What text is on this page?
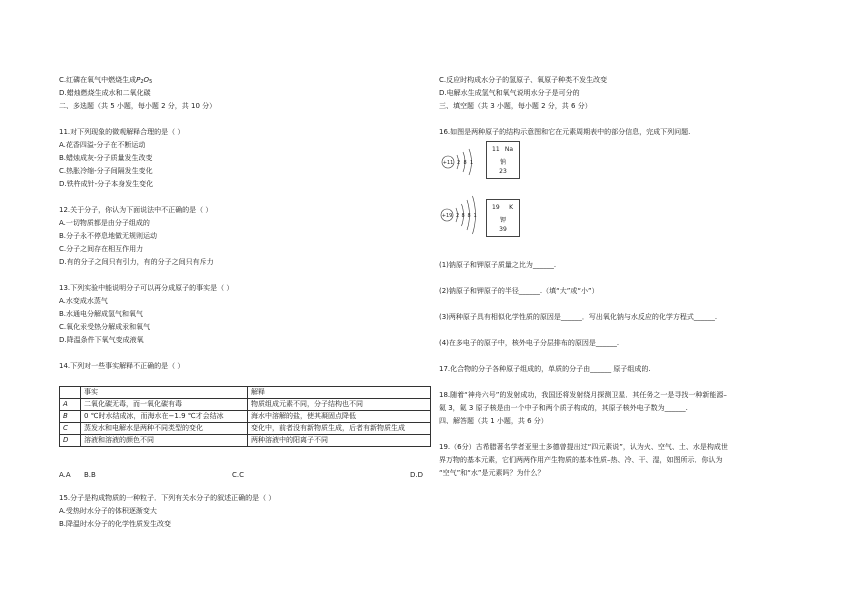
C.红磷在氧气中燃烧生成$P_2O_5$
D.蜡烛燃烧生成水和二氧化碳
二、多选题（共 5 小题，每小题 2 分，共 10 分）
11.对下列现象的微观解释合理的是（ ）
A.花香四溢-分子在不断运动
B.蜡烛成灰-分子质量发生改变
C.热胀冷缩-分子间隔发生变化
D.铁杵成针-分子本身发生变化
12.关于分子，你认为下面说法中不正确的是（ ）
A.一切物质都是由分子组成的
B.分子永不停息地做无规则运动
C.分子之间存在相互作用力
D.有的分子之间只有引力，有的分子之间只有斥力
13.下列实验中能说明分子可以再分成原子的事实是（ ）
A.水变成水蒸气
B.水通电分解成氢气和氧气
C.氧化汞受热分解成汞和氧气
D.降温条件下氧气变成液氧
14.下列对一些事实解释不正确的是（ ）
	事实	解释
A	二氧化碳无毒，而一氧化碳有毒	物质组成元素不同，分子结构也不同
B	0 ℃时水结成冰，而海水在−1.9 ℃才会结冰	海水中溶解的盐，使其凝固点降低
C	蒸发水和电解水是两种不同类型的变化	变化中，前者没有新物质生成，后者有新物质生成
D	溶液和溶液的颜色不同	两种溶液中的阳离子不同
A.A B.B	C.C	D.D
15.分子是构成物质的一种粒子．下列有关水分子的叙述正确的是（ ）
A.受热时水分子的体积逐渐变大
B.降温时水分子的化学性质发生改变
C.反应时构成水分子的氢原子、氧原子种类不发生改变
D.电解水生成氢气和氧气说明水分子是可分的
三、填空题（共 3 小题，每小题 2 分，共 6 分）
16.如图是两种原子的结构示意图和它在元素周期表中的部分信息，完成下列问题.
+11 2 8 1
11 Na
钠
23
+19 2 8 8 1
19 K
钾
39
(1)钠原子和钾原子质量之比为______.
(2)钠原子和钾原子的半径______.（填“大”或“小”）
(3)两种原子具有相似化学性质的原因是______．写出氧化钠与水反应的化学方程式______.
(4)在多电子的原子中，核外电子分层排布的原因是______.
17.化合物的分子各种原子组成的，单质的分子由______ 原子组成的.
18.随着“神舟六号”的发射成功，我国还将发射绕月探测卫星．其任务之一是寻找一种新能源–
氦 3，氦 3 原子核是由一个中子和两个质子构成的，其原子核外电子数为______.
四、解答题（共 1 小题，共 6 分）
19.（6分）古希腊著名学者亚里士多德曾提出过“四元素说”，认为火、空气、土、水是构成世
界万物的基本元素，它们两两作用产生物质的基本性质–热、冷、干、湿，如图所示．你认为
“空气”和“水”是元素吗？为什么？
